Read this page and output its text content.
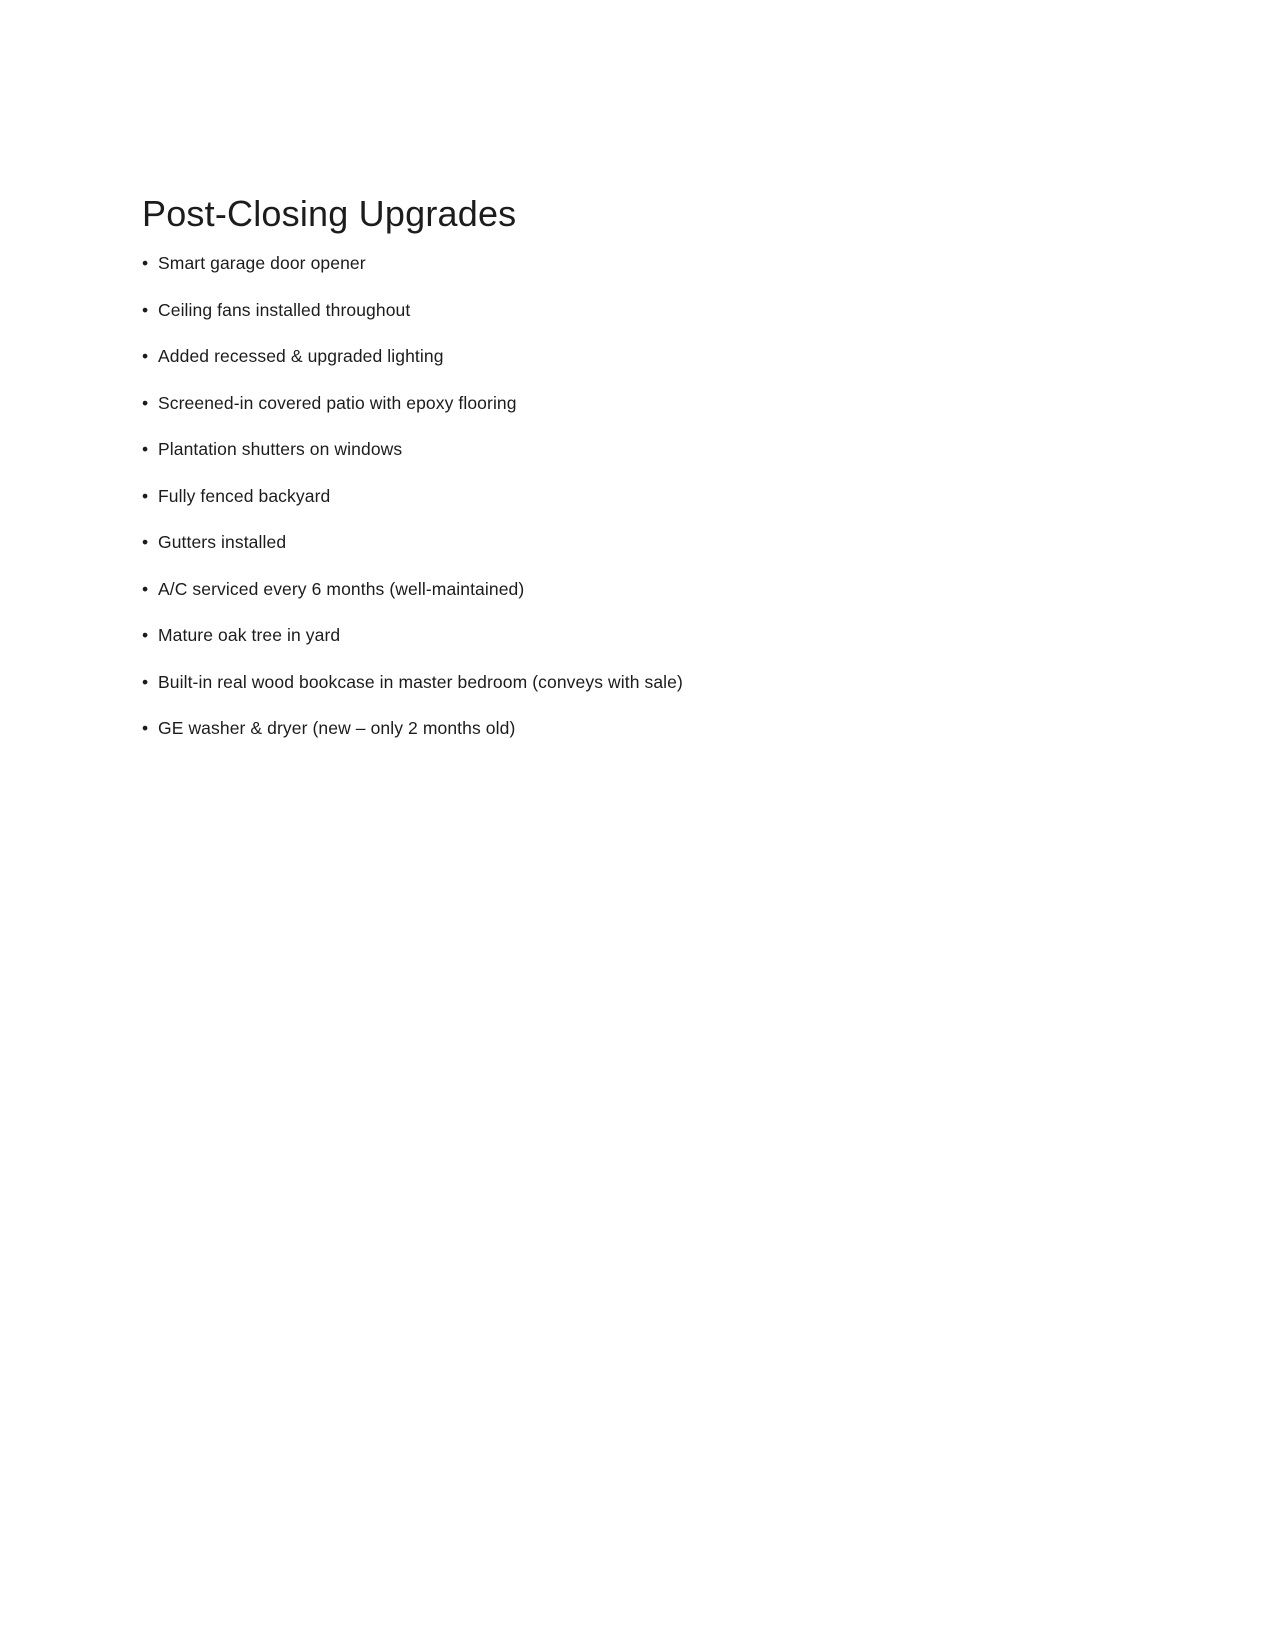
Post-Closing Upgrades
• Smart garage door opener
• Ceiling fans installed throughout
• Added recessed & upgraded lighting
• Screened-in covered patio with epoxy flooring
• Plantation shutters on windows
• Fully fenced backyard
• Gutters installed
• A/C serviced every 6 months (well-maintained)
• Mature oak tree in yard
• Built-in real wood bookcase in master bedroom (conveys with sale)
• GE washer & dryer (new – only 2 months old)
